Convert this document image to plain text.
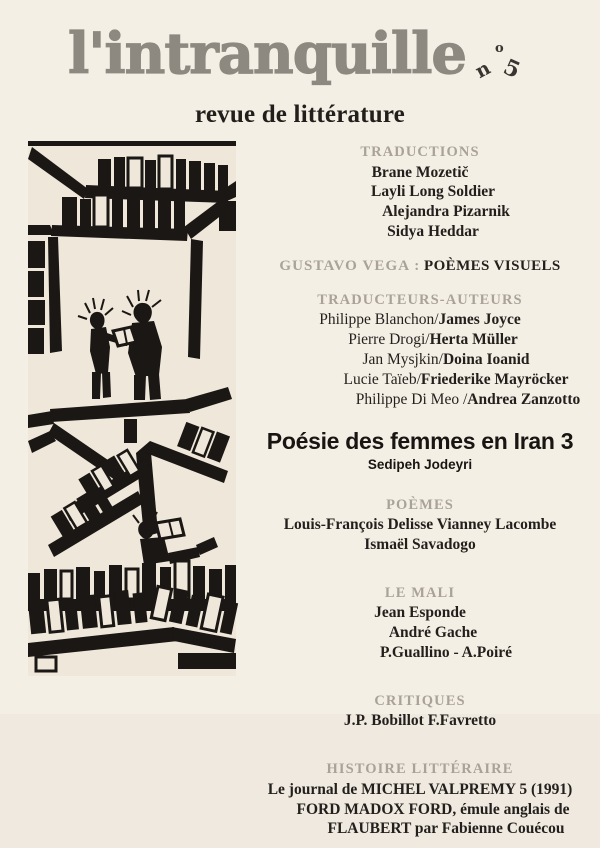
l'intranquille n
o
5
revue de littérature
TRADUCTIONS
Brane Mozetič
Layli Long Soldier
Alejandra Pizarnik
Sidya Heddar
GUSTAVO VEGA : POÈMES VISUELS
TRADUCTEURS-AUTEURS
Philippe Blanchon/James Joyce
Pierre Drogi/Herta Müller
Jan Mysjkin/Doina Ioanid
Lucie Taïeb/Friederike Mayröcker
Philippe Di Meo /Andrea Zanzotto
Poésie des femmes en Iran 3
Sedipeh Jodeyri
POÈMES
Louis-François Delisse Vianney Lacombe
Ismaël Savadogo
LE MALI
Jean Esponde
André Gache
P.Guallino - A.Poiré
CRITIQUES
J.P. Bobillot F.Favretto
HISTOIRE LITTÉRAIRE
Le journal de MICHEL VALPREMY 5 (1991)
FORD MADOX FORD, émule anglais de
FLAUBERT par Fabienne Couécou
